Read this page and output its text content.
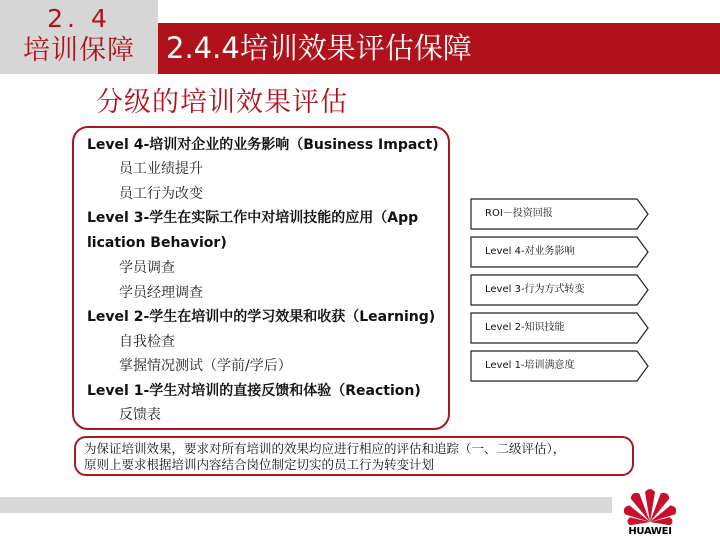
2. 4
培训保障	2.4.4培训效果评估保障
分级的培训效果评估
Level 4-培训对企业的业务影响（Business Impact)
员工业绩提升
员工行为改变
Level 3-学生在实际工作中对培训技能的应用（App
lication Behavior)
学员调查
学员经理调查
Level 2-学生在培训中的学习效果和收获（Learning)
自我检查
掌握情况测试（学前/学后）
Level 1-学生对培训的直接反馈和体验（Reaction)
反馈表
ROI－投资回报
Level 4-对业务影响
Level 3-行为方式转变
Level 2-知识技能
Level 1-培训满意度
为保证培训效果，要求对所有培训的效果均应进行相应的评估和追踪（一、二级评估），
原则上要求根据培训内容结合岗位制定切实的员工行为转变计划
HUAWEI
